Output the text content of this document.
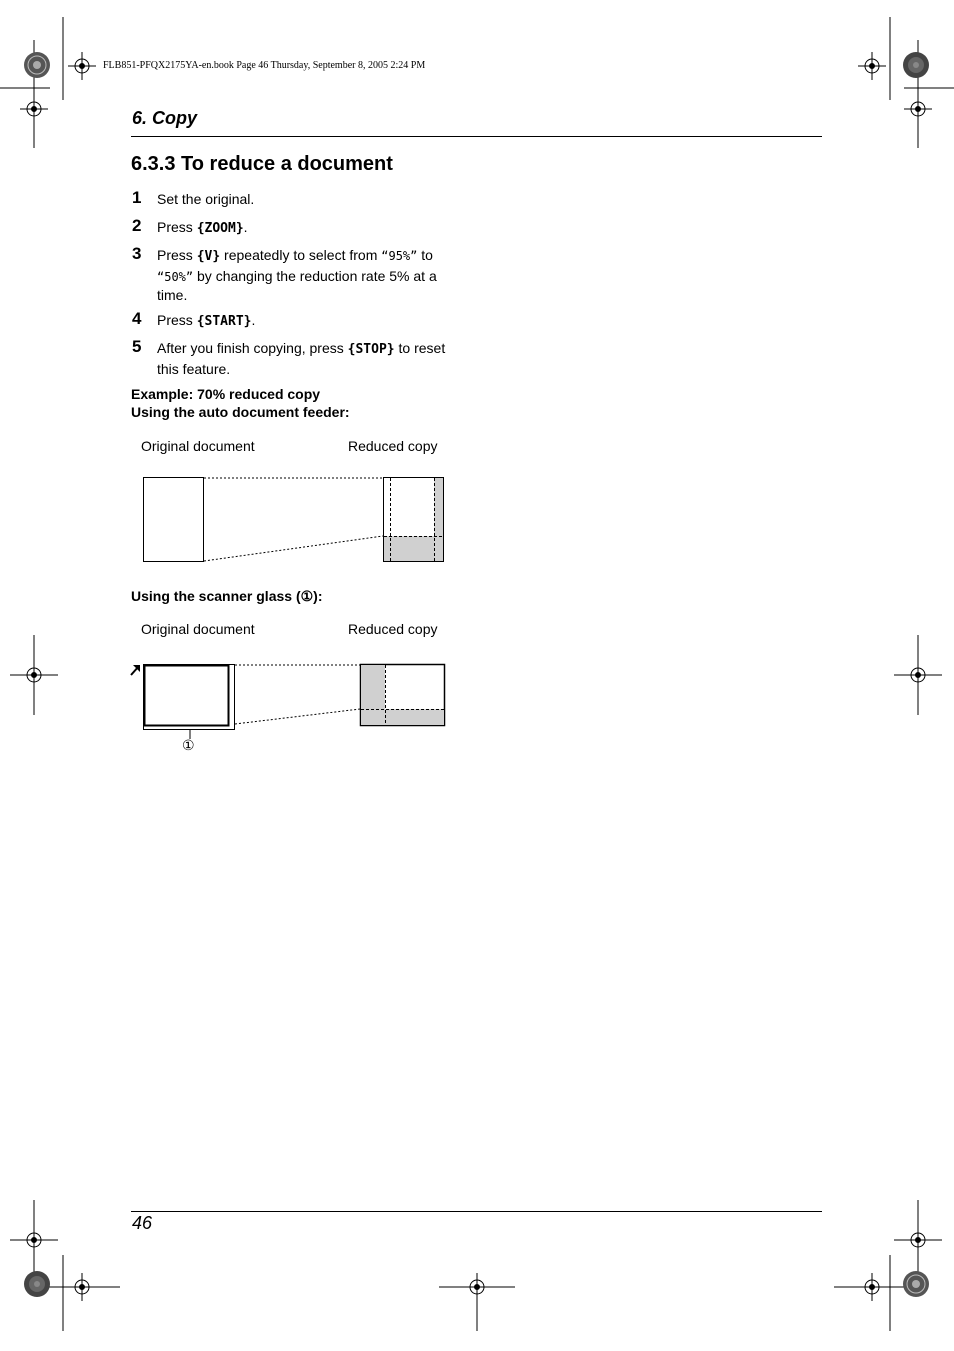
FLB851-PFQX2175YA-en.book Page 46 Thursday, September 8, 2005 2:24 PM
6. Copy
6.3.3 To reduce a document
1 Set the original.
2 Press {ZOOM}.
3 Press {V} repeatedly to select from “95%” to “50%” by changing the reduction rate 5% at a time.
4 Press {START}.
5 After you finish copying, press {STOP} to reset this feature.
Example: 70% reduced copy
Using the auto document feeder:
Original document	Reduced copy
Using the scanner glass (①):
Original document	Reduced copy
①
46
